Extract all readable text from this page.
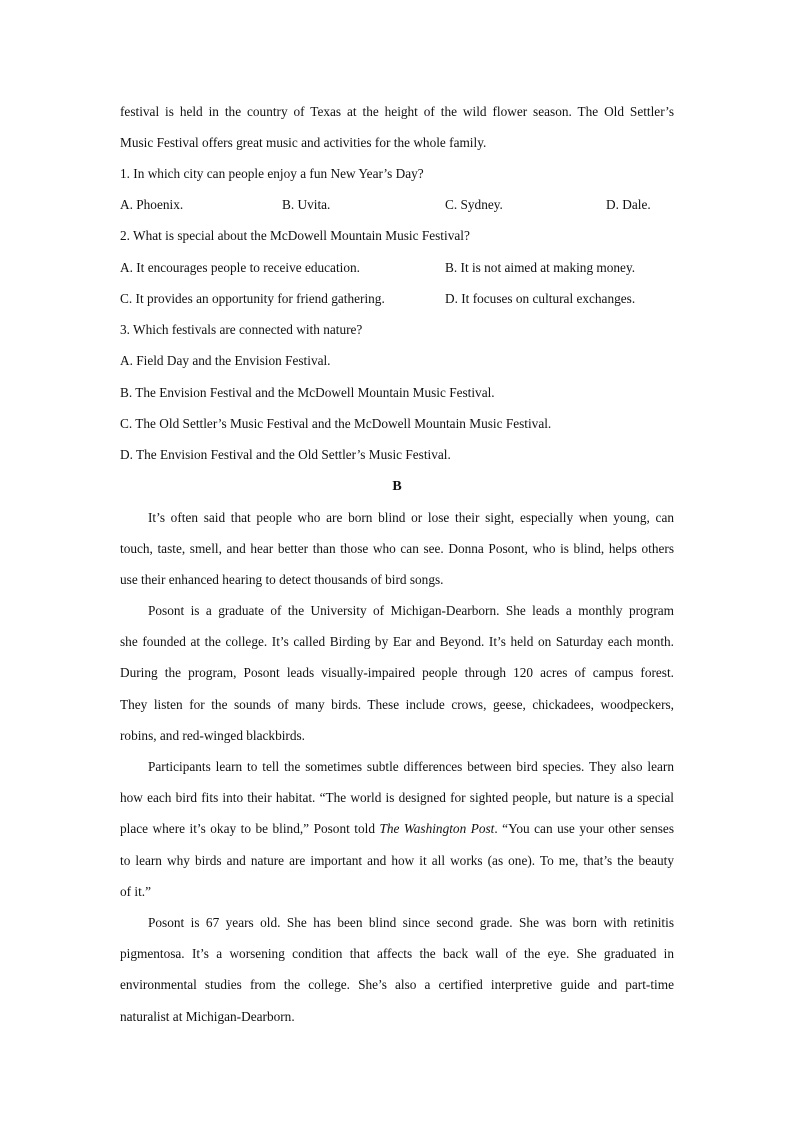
festival is held in the country of Texas at the height of the wild flower season. The Old Settler’s
Music Festival offers great music and activities for the whole family.
1. In which city can people enjoy a fun New Year’s Day?
A. Phoenix.	B. Uvita.	C. Sydney.	D. Dale.
2. What is special about the McDowell Mountain Music Festival?
A. It encourages people to receive education.	B. It is not aimed at making money.
C. It provides an opportunity for friend gathering.	D. It focuses on cultural exchanges.
3. Which festivals are connected with nature?
A. Field Day and the Envision Festival.
B. The Envision Festival and the McDowell Mountain Music Festival.
C. The Old Settler’s Music Festival and the McDowell Mountain Music Festival.
D. The Envision Festival and the Old Settler’s Music Festival.
B
It’s often said that people who are born blind or lose their sight, especially when young, can
touch, taste, smell, and hear better than those who can see. Donna Posont, who is blind, helps others
use their enhanced hearing to detect thousands of bird songs.
Posont is a graduate of the University of Michigan-Dearborn. She leads a monthly program
she founded at the college. It’s called Birding by Ear and Beyond. It’s held on Saturday each month.
During the program, Posont leads visually-impaired people through 120 acres of campus forest.
They listen for the sounds of many birds. These include crows, geese, chickadees, woodpeckers,
robins, and red-winged blackbirds.
Participants learn to tell the sometimes subtle differences between bird species. They also learn
how each bird fits into their habitat. “The world is designed for sighted people, but nature is a special
place where it’s okay to be blind,” Posont told The Washington Post. “You can use your other senses
to learn why birds and nature are important and how it all works (as one). To me, that’s the beauty
of it.”
Posont is 67 years old. She has been blind since second grade. She was born with retinitis
pigmentosa. It’s a worsening condition that affects the back wall of the eye. She graduated in
environmental studies from the college. She’s also a certified interpretive guide and part-time
naturalist at Michigan-Dearborn.
